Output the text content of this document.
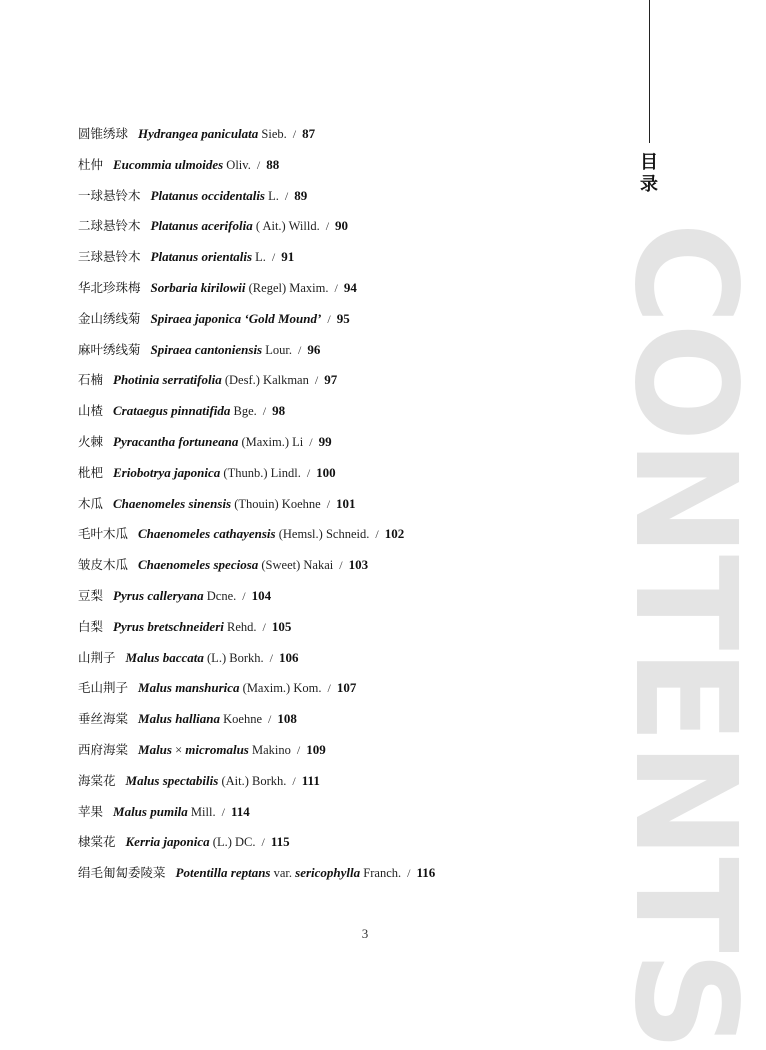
目
录
CONTENTS
圆锥绣球 Hydrangea paniculata Sieb. / 87
杜仲 Eucommia ulmoides Oliv. / 88
一球悬铃木 Platanus occidentalis L. / 89
二球悬铃木 Platanus acerifolia ( Ait.) Willd. / 90
三球悬铃木 Platanus orientalis L. / 91
华北珍珠梅 Sorbaria kirilowii (Regel) Maxim. / 94
金山绣线菊 Spiraea japonica ‘Gold Mound’ / 95
麻叶绣线菊 Spiraea cantoniensis Lour. / 96
石楠 Photinia serratifolia (Desf.) Kalkman / 97
山楂 Crataegus pinnatifida Bge. / 98
火棘 Pyracantha fortuneana (Maxim.) Li / 99
枇杷 Eriobotrya japonica (Thunb.) Lindl. / 100
木瓜 Chaenomeles sinensis (Thouin) Koehne / 101
毛叶木瓜 Chaenomeles cathayensis (Hemsl.) Schneid. / 102
皱皮木瓜 Chaenomeles speciosa (Sweet) Nakai / 103
豆梨 Pyrus calleryana Dcne. / 104
白梨 Pyrus bretschneideri Rehd. / 105
山荆子 Malus baccata (L.) Borkh. / 106
毛山荆子 Malus manshurica (Maxim.) Kom. / 107
垂丝海棠 Malus halliana Koehne / 108
西府海棠 Malus × micromalus Makino / 109
海棠花 Malus spectabilis (Ait.) Borkh. / 111
苹果 Malus pumila Mill. / 114
棣棠花 Kerria japonica (L.) DC. / 115
绢毛匍匐委陵菜 Potentilla reptans var. sericophylla Franch. / 116
3
